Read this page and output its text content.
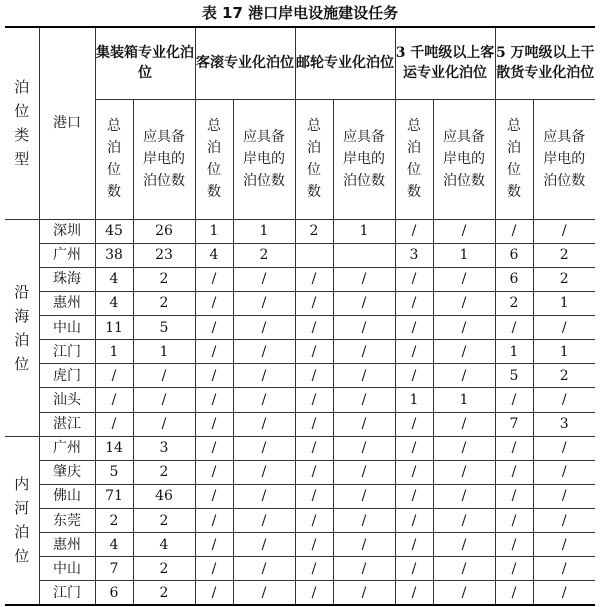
表 17 港口岸电设施建设任务
泊位类型	港口	集装箱专业化泊位		客滚专业化泊位		邮轮专业化泊位		3 千吨级以上客运专业化泊位		5 万吨级以上干散货专业化泊位	

		总泊位数	应具备岸电的泊位数	总泊位数	应具备岸电的泊位数	总泊位数	应具备岸电的泊位数	总泊位数	应具备岸电的泊位数	总泊位数	应具备岸电的泊位数

沿海泊位	深圳	45	26	1	1	2	1	/	/	/	/
	广州	38	23	4	2			3	1	6	2
	珠海	4	2	/	/	/	/	/	/	6	2
	惠州	4	2	/	/	/	/	/	/	2	1
	中山	11	5	/	/	/	/	/	/	/	/
	江门	1	1	/	/	/	/	/	/	1	1
	虎门	/	/	/	/	/	/	/	/	5	2
	汕头	/	/	/	/	/	/	1	1	/	/
	湛江	/	/	/	/	/	/	/	/	7	3
内河泊位	广州	14	3	/	/	/	/	/	/	/	/
	肇庆	5	2	/	/	/	/	/	/	/	/
	佛山	71	46	/	/	/	/	/	/	/	/
	东莞	2	2	/	/	/	/	/	/	/	/
	惠州	4	4	/	/	/	/	/	/	/	/
	中山	7	2	/	/	/	/	/	/	/	/
	江门	6	2	/	/	/	/	/	/	/	/
